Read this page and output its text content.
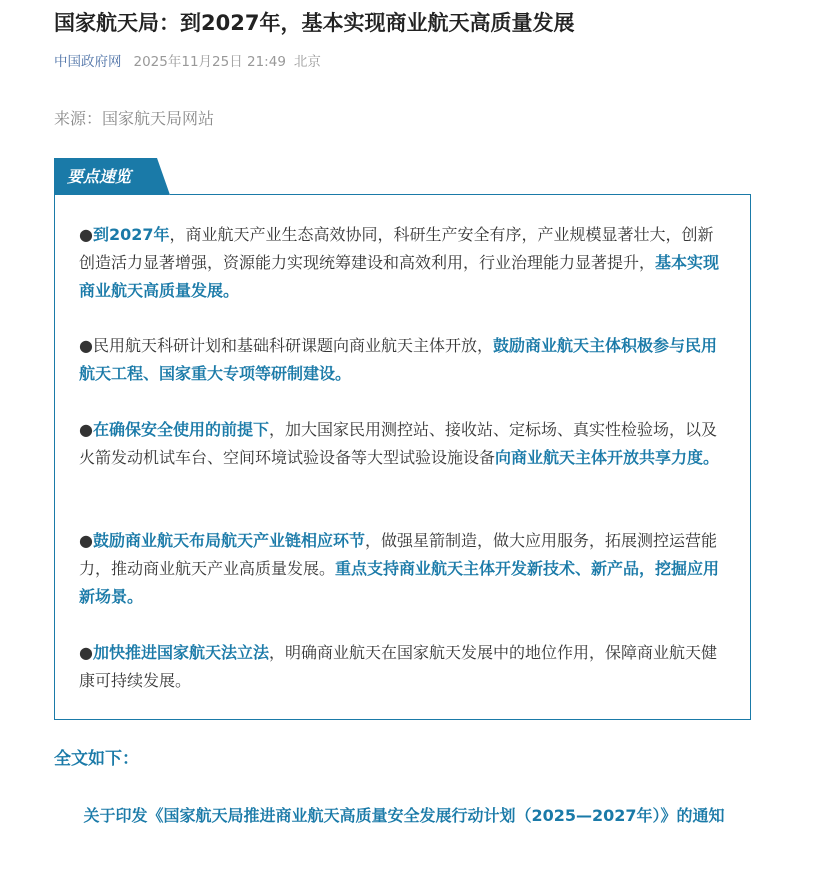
国家航天局：到2027年，基本实现商业航天高质量发展
中国政府网 2025年11月25日 21:49 北京
来源：国家航天局网站
要点速览

●到2027年，商业航天产业生态高效协同，科研生产安全有序，产业规模显著壮大，创新创造活力显著增强，资源能力实现统筹建设和高效利用，行业治理能力显著提升，基本实现商业航天高质量发展。

●民用航天科研计划和基础科研课题向商业航天主体开放，鼓励商业航天主体积极参与民用航天工程、国家重大专项等研制建设。

●在确保安全使用的前提下，加大国家民用测控站、接收站、定标场、真实性检验场，以及火箭发动机试车台、空间环境试验设备等大型试验设施设备向商业航天主体开放共享力度。

●鼓励商业航天布局航天产业链相应环节，做强星箭制造，做大应用服务，拓展测控运营能力，推动商业航天产业高质量发展。重点支持商业航天主体开发新技术、新产品，挖掘应用新场景。

●加快推进国家航天法立法，明确商业航天在国家航天发展中的地位作用，保障商业航天健康可持续发展。

全文如下：

关于印发《国家航天局推进商业航天高质量安全发展行动计划（2025—2027年）》的通知
